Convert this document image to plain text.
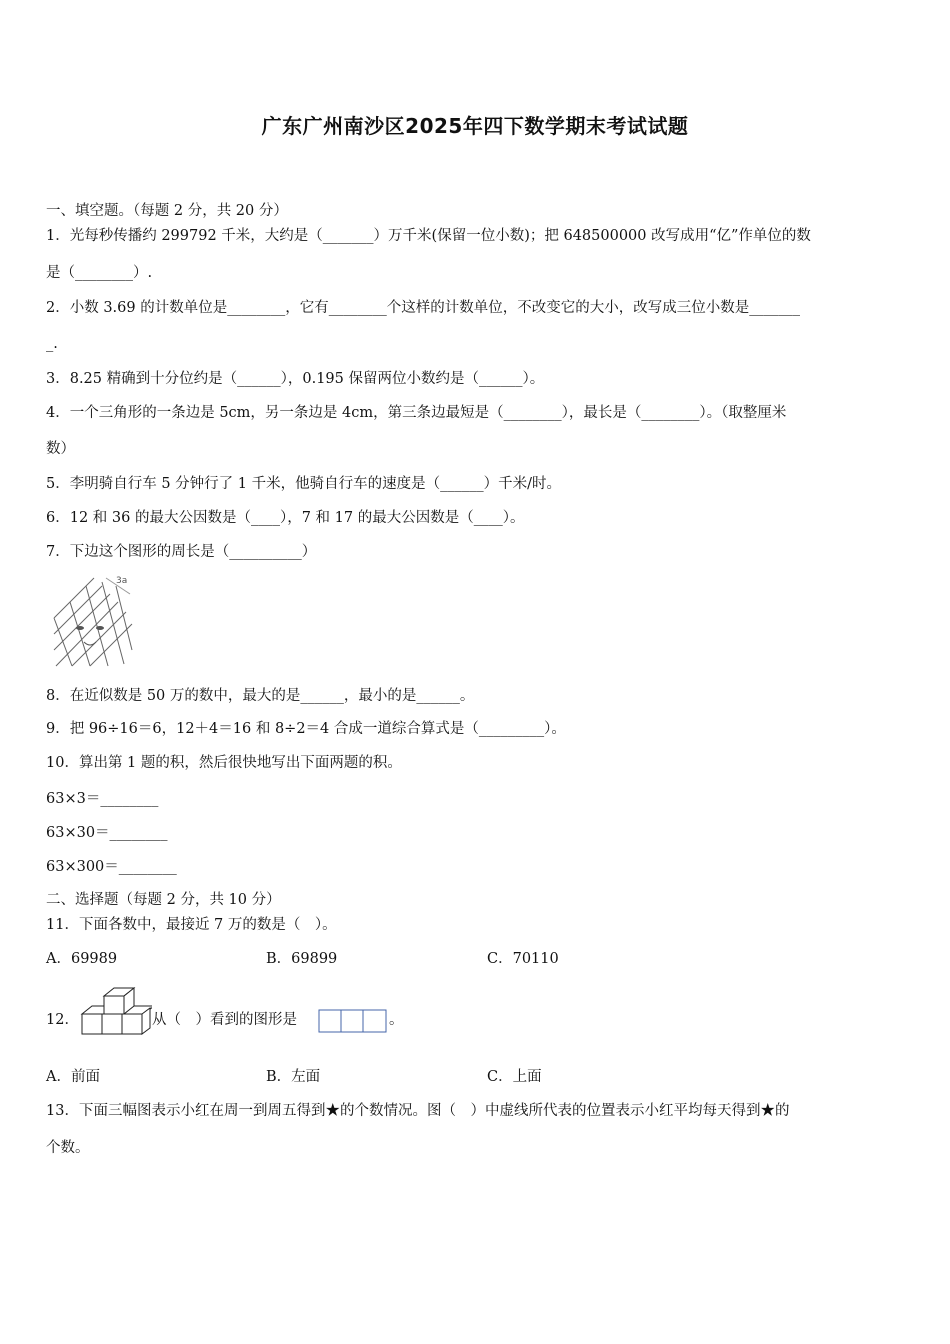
广东广州南沙区2025年四下数学期末考试试题
一、填空题。（每题 2 分，共 20 分）
1．光每秒传播约 299792 千米，大约是（_______）万千米(保留一位小数)；把 648500000 改写成用“亿”作单位的数
是（________）.
2．小数 3.69 的计数单位是________，它有________个这样的计数单位，不改变它的大小，改写成三位小数是_______
_.
3．8.25 精确到十分位约是（______），0.195 保留两位小数约是（______）。
4．一个三角形的一条边是 5cm，另一条边是 4cm，第三条边最短是（________），最长是（________）。（取整厘米
数）
5．李明骑自行车 5 分钟行了 1 千米，他骑自行车的速度是（______）千米/时。
6．12 和 36 的最大公因数是（____），7 和 17 的最大公因数是（____）。
7．下边这个图形的周长是（__________）
3a
8．在近似数是 50 万的数中，最大的是______，最小的是______。
9．把 96÷16＝6，12＋4＝16 和 8÷2＝4 合成一道综合算式是（_________）。
10．算出第 1 题的积，然后很快地写出下面两题的积。
63×3＝________
63×30＝________
63×300＝________
二、选择题（每题 2 分，共 10 分）
11．下面各数中，最接近 7 万的数是（　）。
A．69989	B．69899	C．70110
12．	从（　）看到的图形是	。
A．前面	B．左面	C．上面
13．下面三幅图表示小红在周一到周五得到★的个数情况。图（　）中虚线所代表的位置表示小红平均每天得到★的
个数。
